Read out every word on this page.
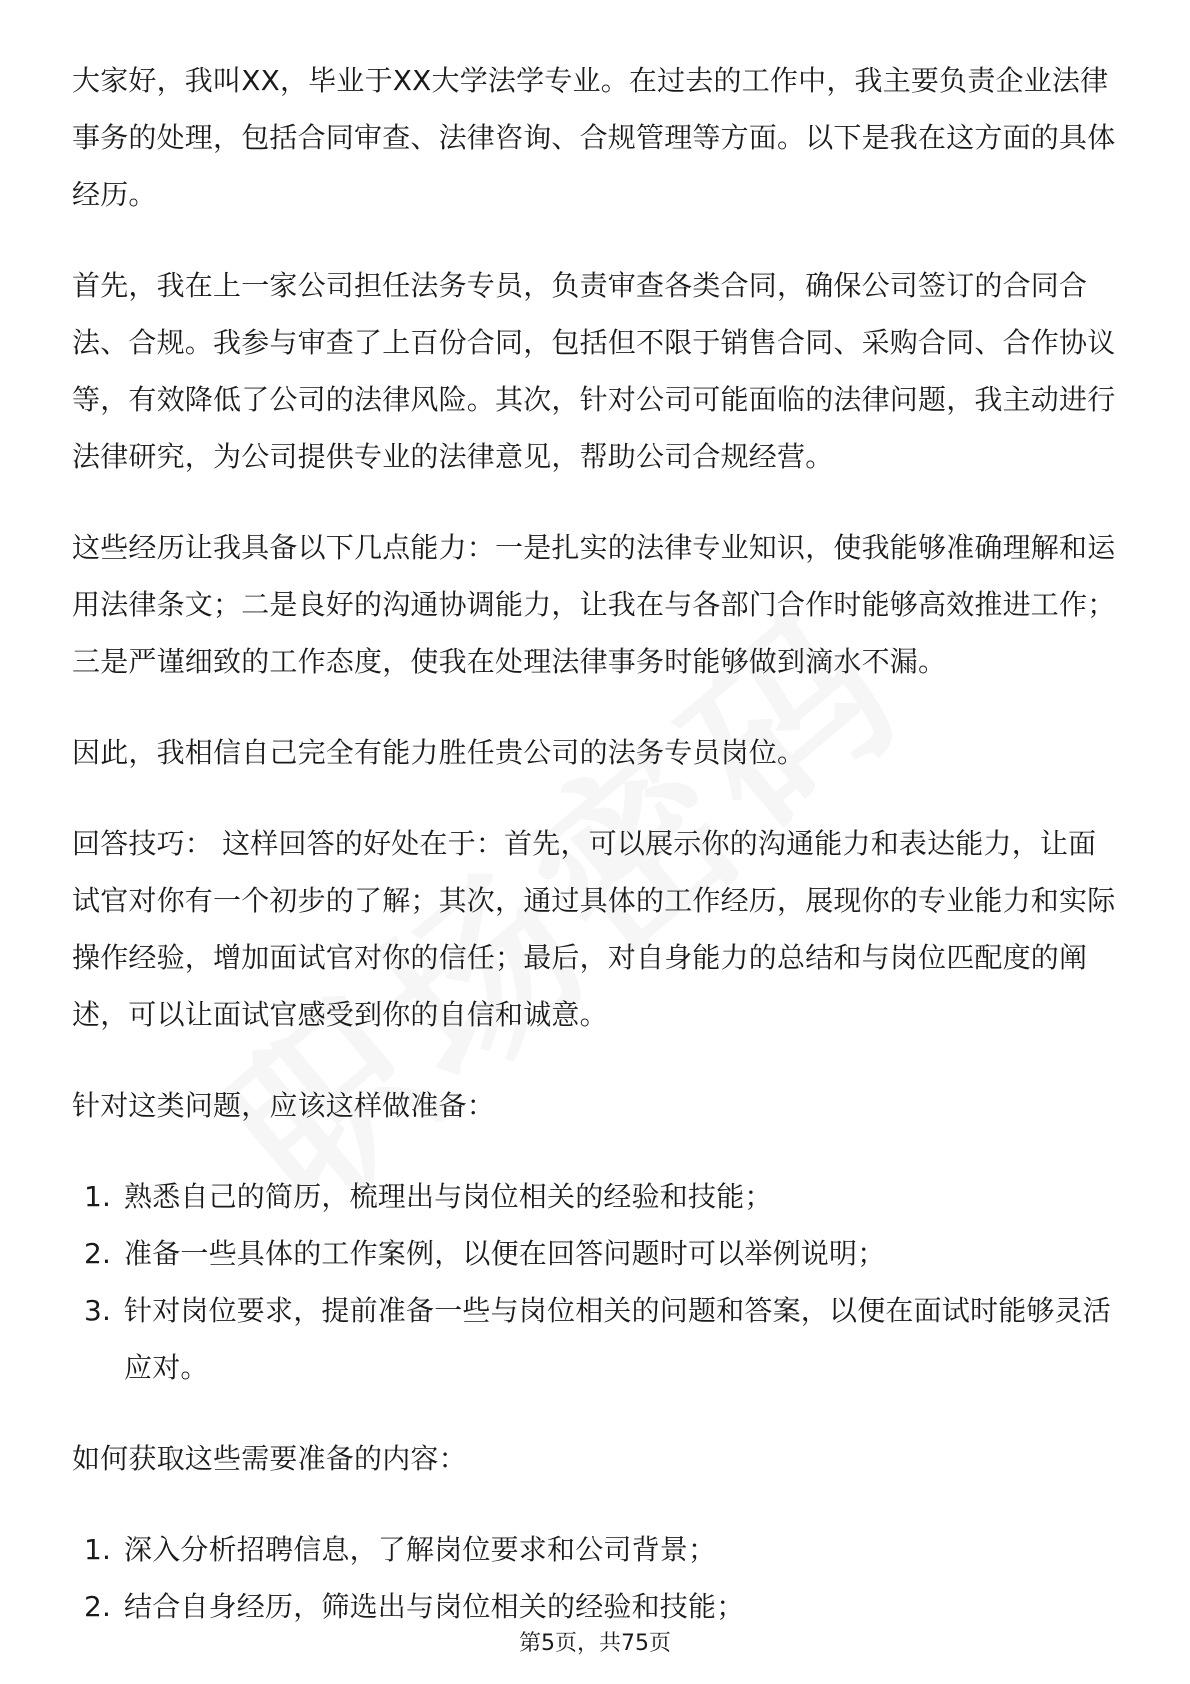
大家好，我叫XX，毕业于XX大学法学专业。在过去的工作中，我主要负责企业法律事务的处理，包括合同审查、法律咨询、合规管理等方面。以下是我在这方面的具体经历。

首先，我在上一家公司担任法务专员，负责审查各类合同，确保公司签订的合同合法、合规。我参与审查了上百份合同，包括但不限于销售合同、采购合同、合作协议等，有效降低了公司的法律风险。其次，针对公司可能面临的法律问题，我主动进行法律研究，为公司提供专业的法律意见，帮助公司合规经营。

这些经历让我具备以下几点能力：一是扎实的法律专业知识，使我能够准确理解和运用法律条文；二是良好的沟通协调能力，让我在与各部门合作时能够高效推进工作；三是严谨细致的工作态度，使我在处理法律事务时能够做到滴水不漏。

因此，我相信自己完全有能力胜任贵公司的法务专员岗位。

回答技巧： 这样回答的好处在于：首先，可以展示你的沟通能力和表达能力，让面试官对你有一个初步的了解；其次，通过具体的工作经历，展现你的专业能力和实际操作经验，增加面试官对你的信任；最后，对自身能力的总结和与岗位匹配度的阐述，可以让面试官感受到你的自信和诚意。

针对这类问题，应该这样做准备：

1. 熟悉自己的简历，梳理出与岗位相关的经验和技能；
2. 准备一些具体的工作案例，以便在回答问题时可以举例说明；
3. 针对岗位要求，提前准备一些与岗位相关的问题和答案，以便在面试时能够灵活应对。

如何获取这些需要准备的内容：

1. 深入分析招聘信息，了解岗位要求和公司背景；
2. 结合自身经历，筛选出与岗位相关的经验和技能；
第5页，共75页
